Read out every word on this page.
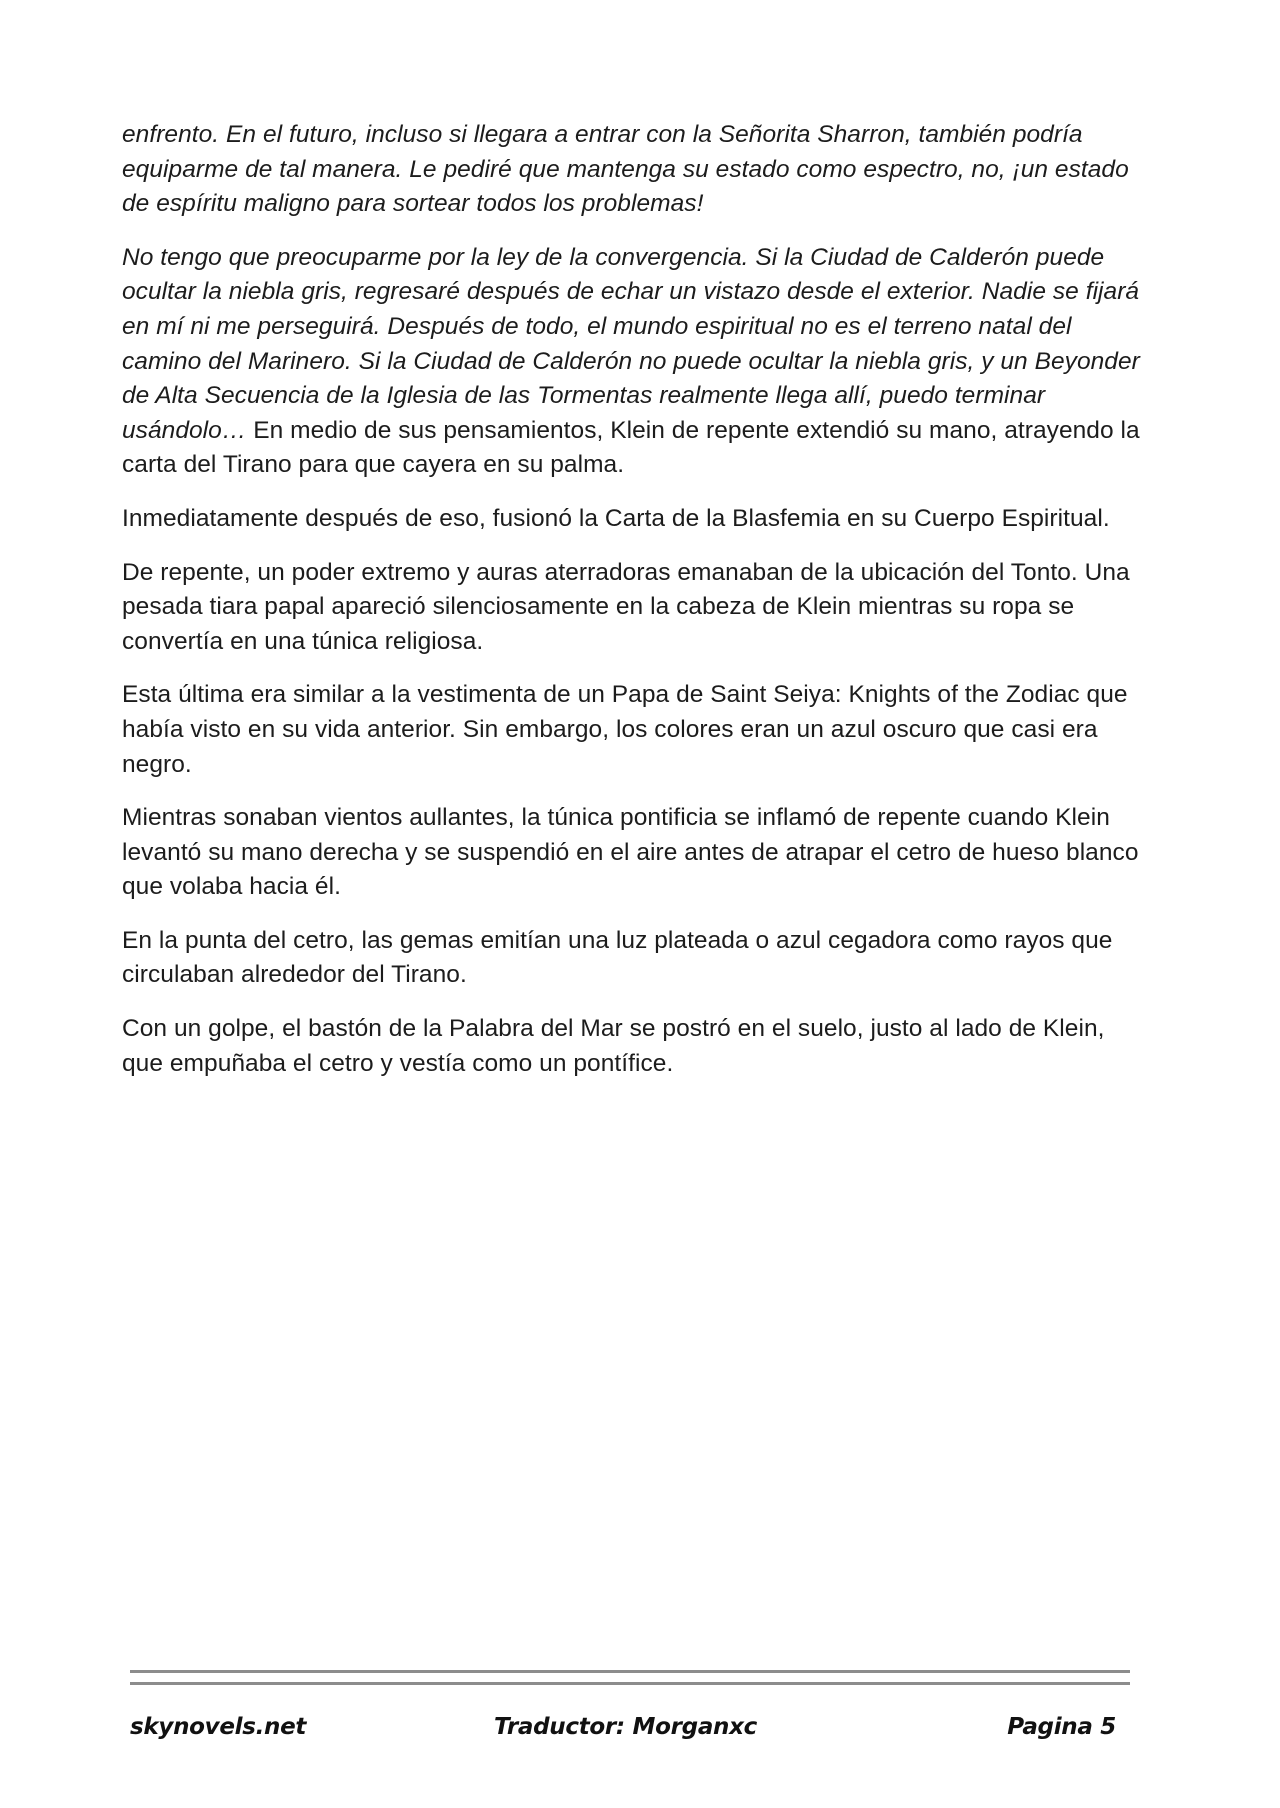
enfrento. En el futuro, incluso si llegara a entrar con la Señorita Sharron, también podría equiparme de tal manera. Le pediré que mantenga su estado como espectro, no, ¡un estado de espíritu maligno para sortear todos los problemas!

No tengo que preocuparme por la ley de la convergencia. Si la Ciudad de Calderón puede ocultar la niebla gris, regresaré después de echar un vistazo desde el exterior. Nadie se fijará en mí ni me perseguirá. Después de todo, el mundo espiritual no es el terreno natal del camino del Marinero. Si la Ciudad de Calderón no puede ocultar la niebla gris, y un Beyonder de Alta Secuencia de la Iglesia de las Tormentas realmente llega allí, puedo terminar usándolo… En medio de sus pensamientos, Klein de repente extendió su mano, atrayendo la carta del Tirano para que cayera en su palma.

Inmediatamente después de eso, fusionó la Carta de la Blasfemia en su Cuerpo Espiritual.

De repente, un poder extremo y auras aterradoras emanaban de la ubicación del Tonto. Una pesada tiara papal apareció silenciosamente en la cabeza de Klein mientras su ropa se convertía en una túnica religiosa.

Esta última era similar a la vestimenta de un Papa de Saint Seiya: Knights of the Zodiac que había visto en su vida anterior. Sin embargo, los colores eran un azul oscuro que casi era negro.

Mientras sonaban vientos aullantes, la túnica pontificia se inflamó de repente cuando Klein levantó su mano derecha y se suspendió en el aire antes de atrapar el cetro de hueso blanco que volaba hacia él.

En la punta del cetro, las gemas emitían una luz plateada o azul cegadora como rayos que circulaban alrededor del Tirano.

Con un golpe, el bastón de la Palabra del Mar se postró en el suelo, justo al lado de Klein, que empuñaba el cetro y vestía como un pontífice.

skynovels.net	Traductor: Morganxc	Pagina 5
